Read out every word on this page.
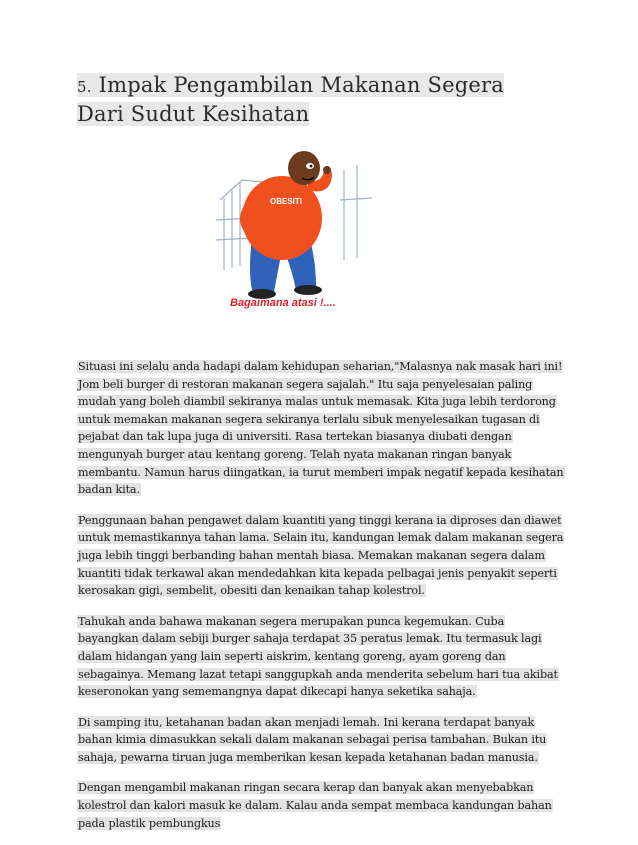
5. Impak Pengambilan Makanan Segera Dari Sudut Kesihatan
OBESITI
Bagaimana atasi !....

Situasi ini selalu anda hadapi dalam kehidupan seharian,"Malasnya nak masak hari ini! Jom beli burger di restoran makanan segera sajalah." Itu saja penyelesaian paling mudah yang boleh diambil sekiranya malas untuk memasak. Kita juga lebih terdorong untuk memakan makanan segera sekiranya terlalu sibuk menyelesaikan tugasan di pejabat dan tak lupa juga di universiti. Rasa tertekan biasanya diubati dengan mengunyah burger atau kentang goreng. Telah nyata makanan ringan banyak membantu. Namun harus diingatkan, ia turut memberi impak negatif kepada kesihatan badan kita.

Penggunaan bahan pengawet dalam kuantiti yang tinggi kerana ia diproses dan diawet untuk memastikannya tahan lama. Selain itu, kandungan lemak dalam makanan segera juga lebih tinggi berbanding bahan mentah biasa. Memakan makanan segera dalam kuantiti tidak terkawal akan mendedahkan kita kepada pelbagai jenis penyakit seperti kerosakan gigi, sembelit, obesiti dan kenaikan tahap kolestrol.

Tahukah anda bahawa makanan segera merupakan punca kegemukan. Cuba bayangkan dalam sebiji burger sahaja terdapat 35 peratus lemak. Itu termasuk lagi dalam hidangan yang lain seperti aiskrim, kentang goreng, ayam goreng dan sebagainya. Memang lazat tetapi sanggupkah anda menderita sebelum hari tua akibat keseronokan yang sememangnya dapat dikecapi hanya seketika sahaja.

Di samping itu, ketahanan badan akan menjadi lemah. Ini kerana terdapat banyak bahan kimia dimasukkan sekali dalam makanan sebagai perisa tambahan. Bukan itu sahaja, pewarna tiruan juga memberikan kesan kepada ketahanan badan manusia.

Dengan mengambil makanan ringan secara kerap dan banyak akan menyebabkan kolestrol dan kalori masuk ke dalam. Kalau anda sempat membaca kandungan bahan pada plastik pembungkus
